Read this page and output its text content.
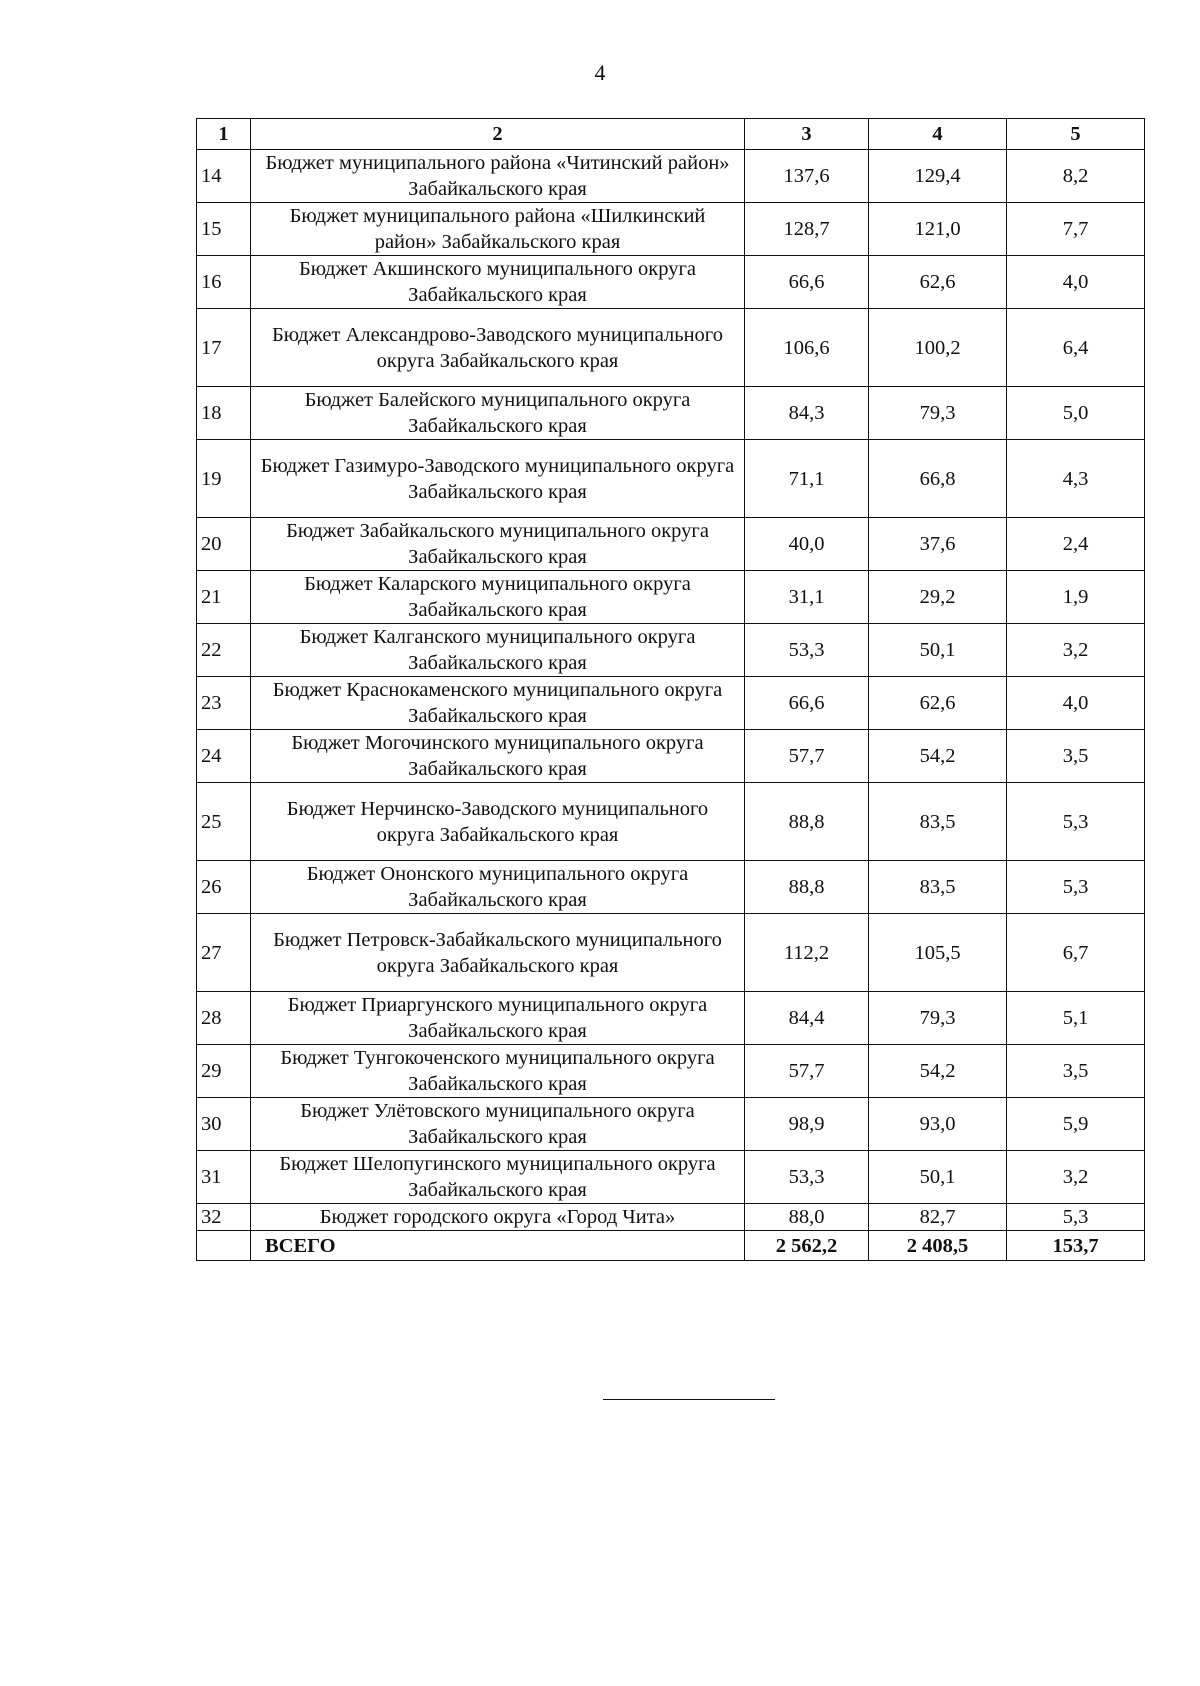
4
1	2	3	4	5
14	Бюджет муниципального района «Читинский район» Забайкальского края	137,6	129,4	8,2
15	Бюджет муниципального района «Шилкинский район» Забайкальского края	128,7	121,0	7,7
16	Бюджет Акшинского муниципального округа Забайкальского края	66,6	62,6	4,0
17	Бюджет Александрово-Заводского муниципального округа Забайкальского края	106,6	100,2	6,4
18	Бюджет Балейского муниципального округа Забайкальского края	84,3	79,3	5,0
19	Бюджет Газимуро-Заводского муниципального округа Забайкальского края	71,1	66,8	4,3
20	Бюджет Забайкальского муниципального округа Забайкальского края	40,0	37,6	2,4
21	Бюджет Каларского муниципального округа Забайкальского края	31,1	29,2	1,9
22	Бюджет Калганского муниципального округа Забайкальского края	53,3	50,1	3,2
23	Бюджет Краснокаменского муниципального округа Забайкальского края	66,6	62,6	4,0
24	Бюджет Могочинского муниципального округа Забайкальского края	57,7	54,2	3,5
25	Бюджет Нерчинско-Заводского муниципального округа Забайкальского края	88,8	83,5	5,3
26	Бюджет Ононского муниципального округа Забайкальского края	88,8	83,5	5,3
27	Бюджет Петровск-Забайкальского муниципального округа Забайкальского края	112,2	105,5	6,7
28	Бюджет Приаргунского муниципального округа Забайкальского края	84,4	79,3	5,1
29	Бюджет Тунгокоченского муниципального округа Забайкальского края	57,7	54,2	3,5
30	Бюджет Улётовского муниципального округа Забайкальского края	98,9	93,0	5,9
31	Бюджет Шелопугинского муниципального округа Забайкальского края	53,3	50,1	3,2
32	Бюджет городского округа «Город Чита»	88,0	82,7	5,3
	ВСЕГО	2 562,2	2 408,5	153,7
